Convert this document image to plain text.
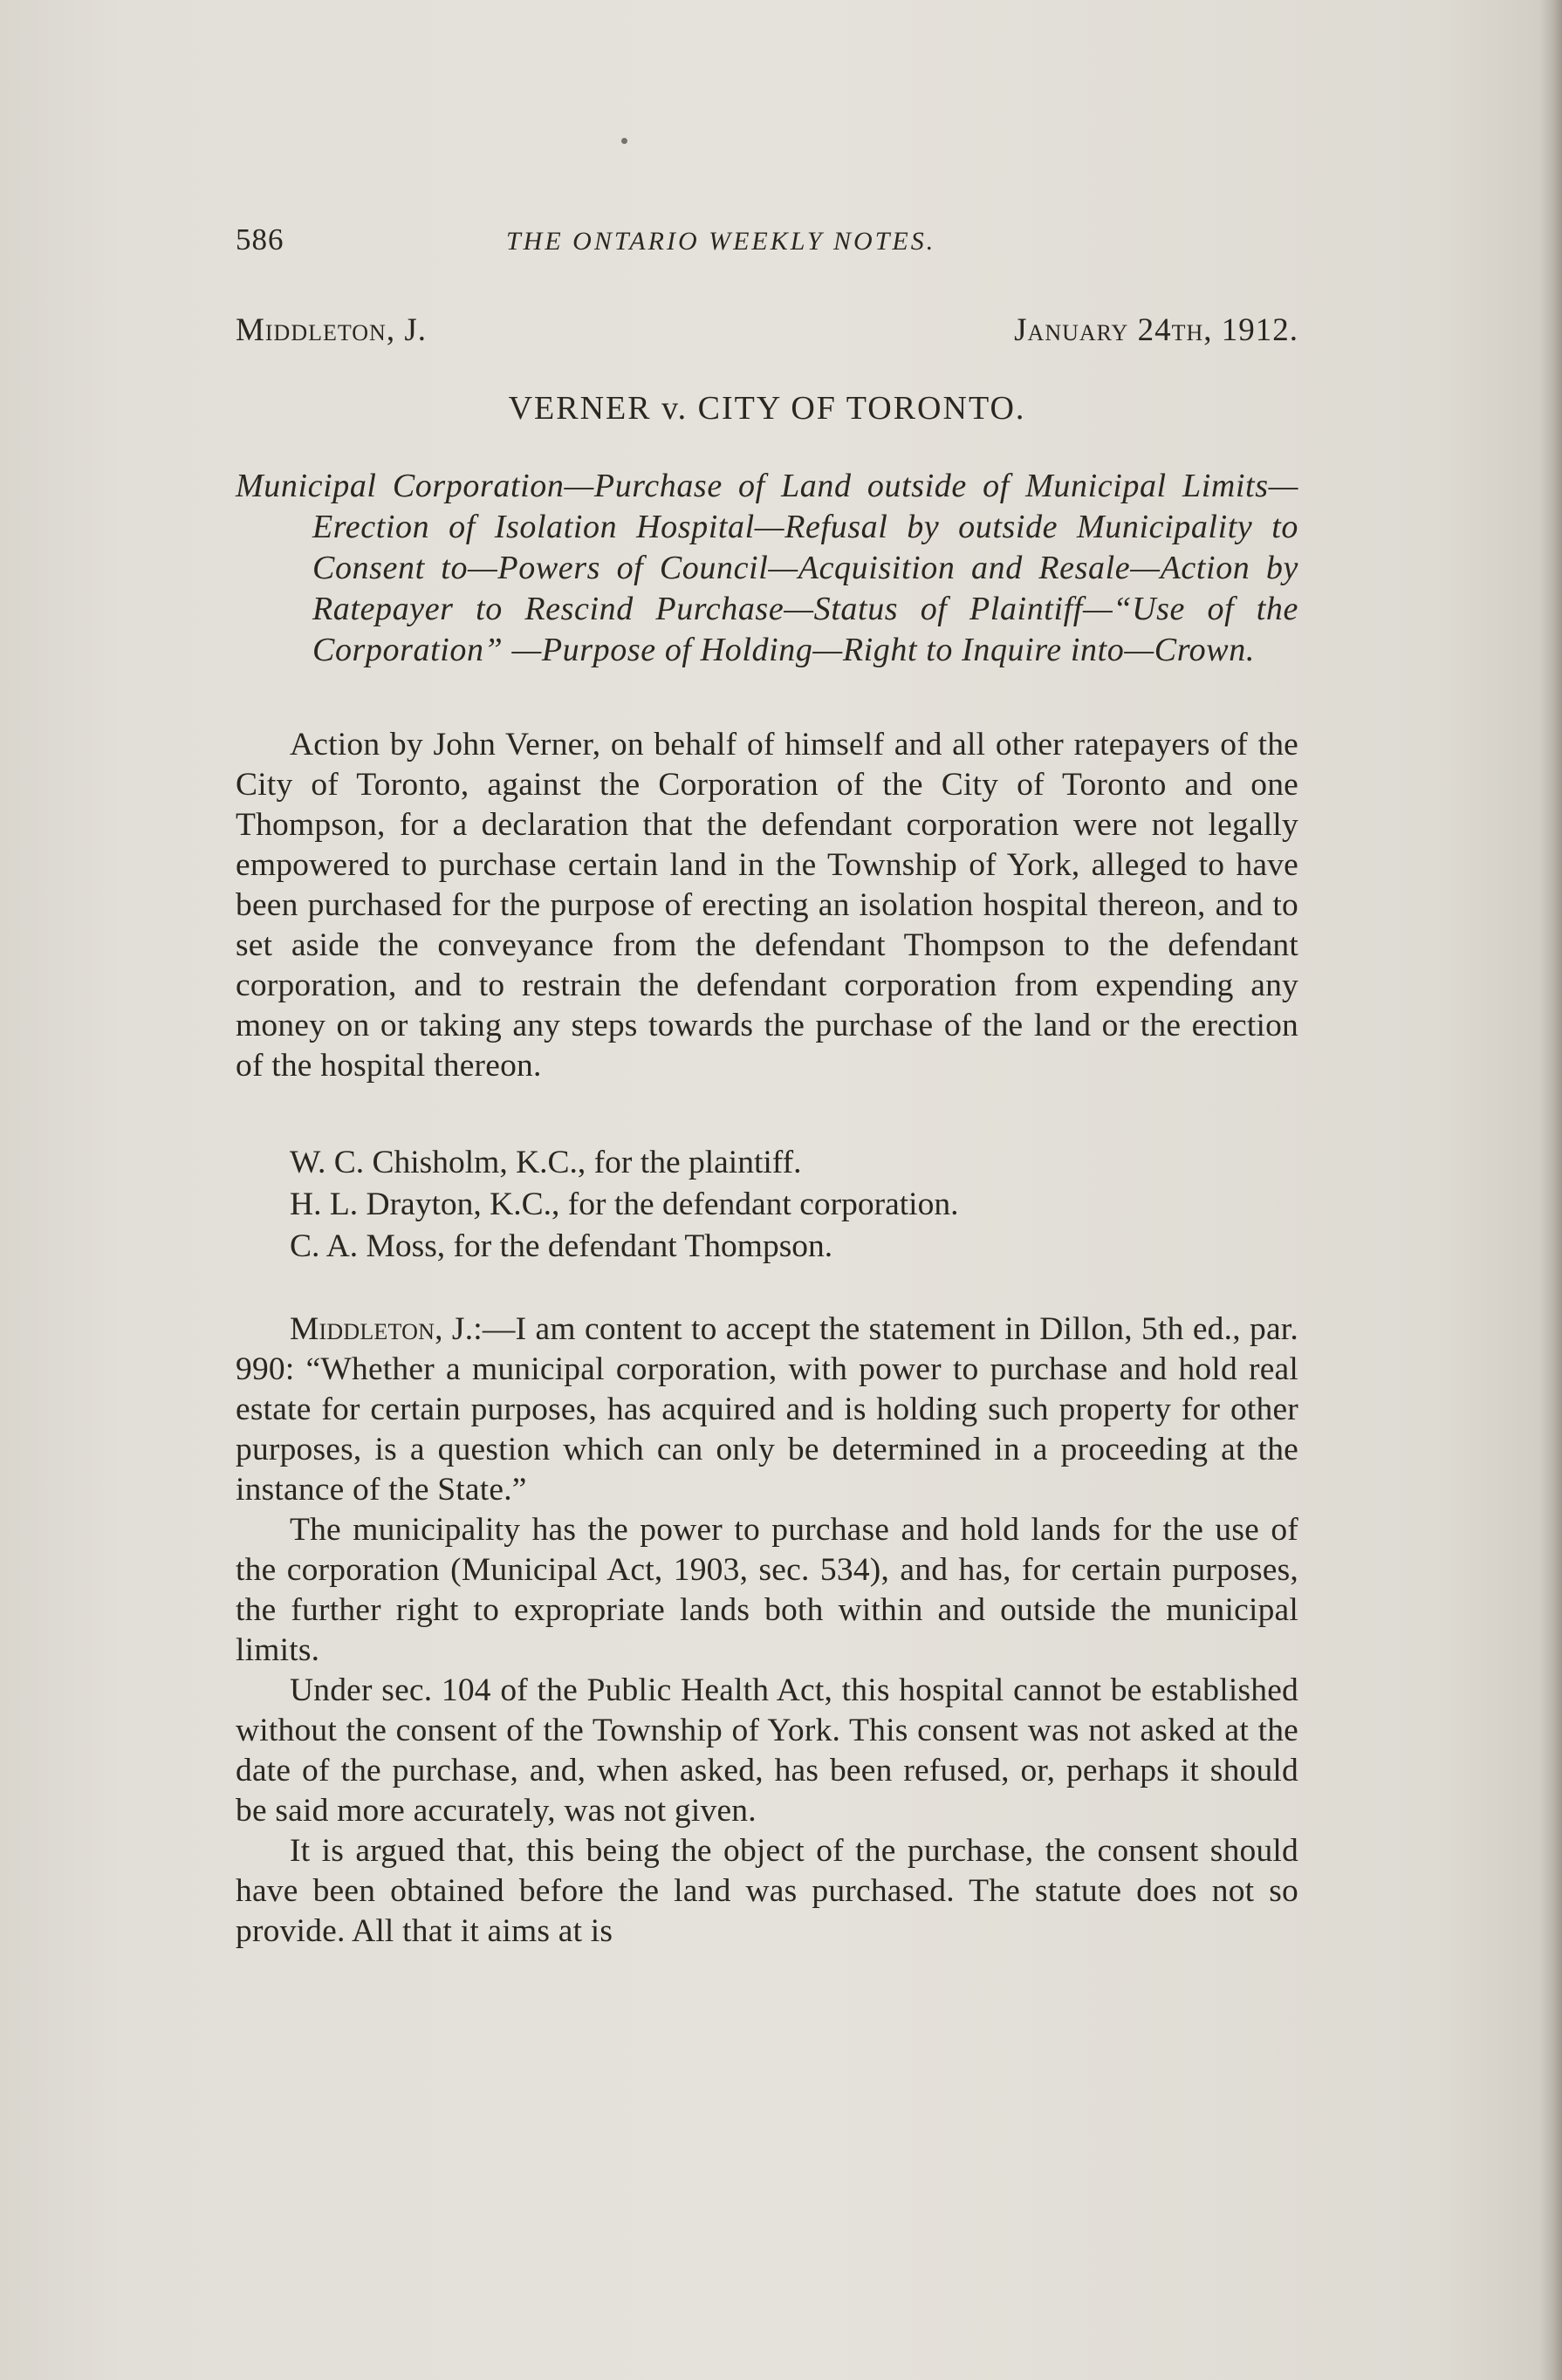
586	THE ONTARIO WEEKLY NOTES.
Middleton, J.	January 24th, 1912.
VERNER v. CITY OF TORONTO.
Municipal Corporation—Purchase of Land outside of Municipal Limits—Erection of Isolation Hospital—Refusal by outside Municipality to Consent to—Powers of Council—Acquisition and Resale—Action by Ratepayer to Rescind Purchase—Status of Plaintiff—“Use of the Corporation” —Purpose of Holding—Right to Inquire into—Crown.

Action by John Verner, on behalf of himself and all other ratepayers of the City of Toronto, against the Corporation of the City of Toronto and one Thompson, for a declaration that the defendant corporation were not legally empowered to purchase certain land in the Township of York, alleged to have been purchased for the purpose of erecting an isolation hospital thereon, and to set aside the conveyance from the defendant Thompson to the defendant corporation, and to restrain the defendant corporation from expending any money on or taking any steps towards the purchase of the land or the erection of the hospital thereon.

W. C. Chisholm, K.C., for the plaintiff.
H. L. Drayton, K.C., for the defendant corporation.
C. A. Moss, for the defendant Thompson.

Middleton, J.:—I am content to accept the statement in Dillon, 5th ed., par. 990: “Whether a municipal corporation, with power to purchase and hold real estate for certain purposes, has acquired and is holding such property for other purposes, is a question which can only be determined in a proceeding at the instance of the State.”

The municipality has the power to purchase and hold lands for the use of the corporation (Municipal Act, 1903, sec. 534), and has, for certain purposes, the further right to expropriate lands both within and outside the municipal limits.

Under sec. 104 of the Public Health Act, this hospital cannot be established without the consent of the Township of York. This consent was not asked at the date of the purchase, and, when asked, has been refused, or, perhaps it should be said more accurately, was not given.

It is argued that, this being the object of the purchase, the consent should have been obtained before the land was purchased. The statute does not so provide. All that it aims at is
